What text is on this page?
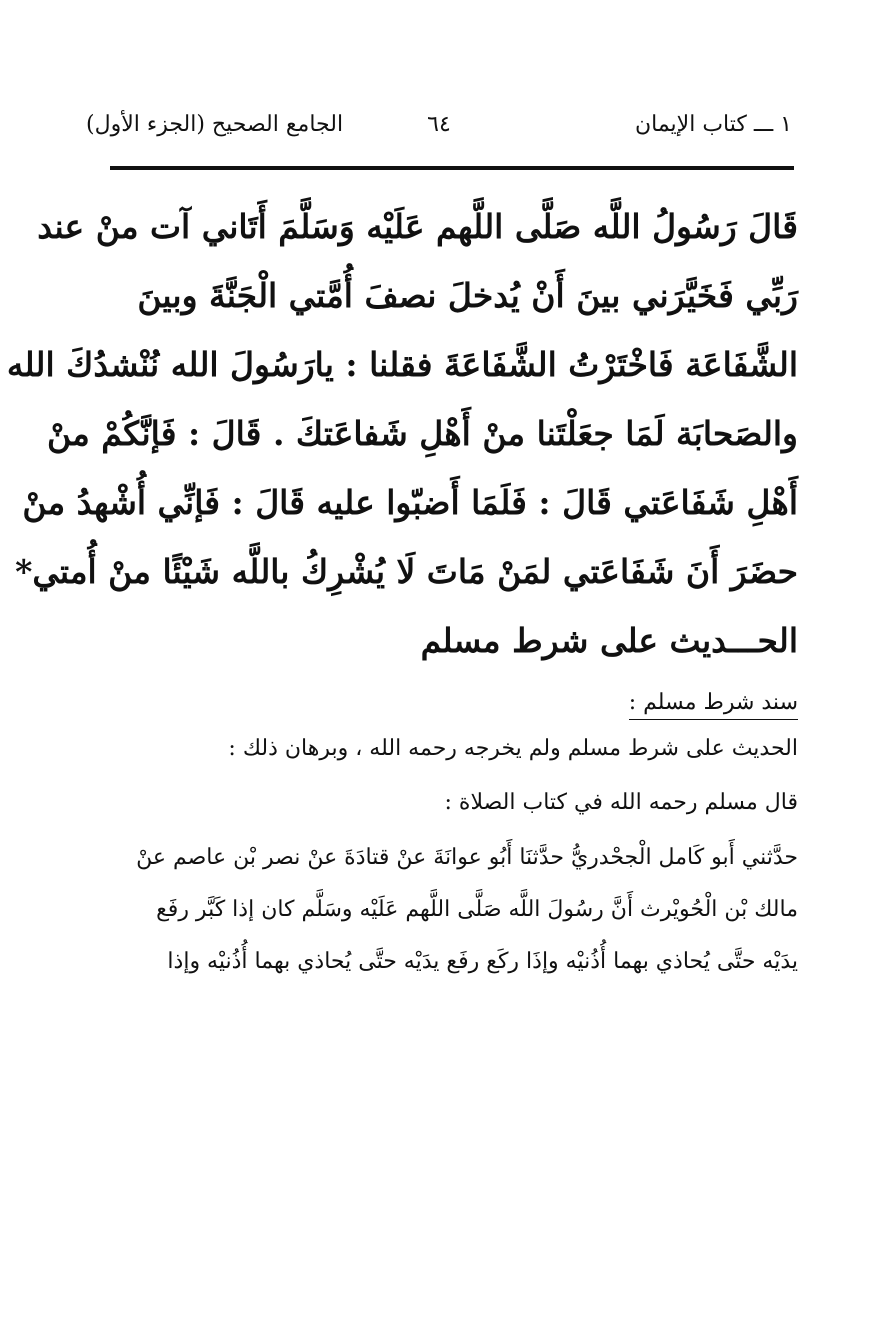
١ ـــ كتاب الإيمان
٦٤
الجامع الصحيح (الجزء الأول)
قَالَ رَسُولُ اللَّه صَلَّى اللَّهم عَلَيْه وَسَلَّمَ أَتَاني آت منْ عند
رَبِّي فَخَيَّرَني بينَ أَنْ يُدخلَ نصفَ أُمَّتي الْجَنَّةَ وبينَ
الشَّفَاعَة فَاخْتَرْتُ الشَّفَاعَةَ فقلنا : يارَسُولَ الله نُنْشدُكَ الله
والصَحابَة لَمَا جعَلْتَنا منْ أَهْلِ شَفاعَتكَ . قَالَ : فَإنَّكُمْ منْ
أَهْلِ شَفَاعَتي قَالَ : فَلَمَا أَضبّوا عليه قَالَ : فَإنِّي أُشْهدُ منْ
حضَرَ أَنَ شَفَاعَتي لمَنْ مَاتَ لَا يُشْرِكُ باللَّه شَيْئًا منْ أُمتي*
الحـــديث على شرط مسلم
سند شرط مسلم :
الحديث على شرط مسلم ولم يخرجه رحمه الله ، وبرهان ذلك :
قال مسلم رحمه الله في كتاب الصلاة :
حدَّثني أَبو كَامل الْجحْدريُّ حدَّثنَا أَبُو عوانَةَ عنْ قتادَةَ عنْ نصر بْن عاصم عنْ
مالك بْن الْحُويْرث أَنَّ رسُولَ اللَّه صَلَّى اللَّهم عَلَيْه وسَلَّم كان إذا كَبَّر رفَع
يدَيْه حتَّى يُحاذي بهما أُذُنيْه وإذَا ركَع رفَع يدَيْه حتَّى يُحاذي بهما أُذُنيْه وإذا
